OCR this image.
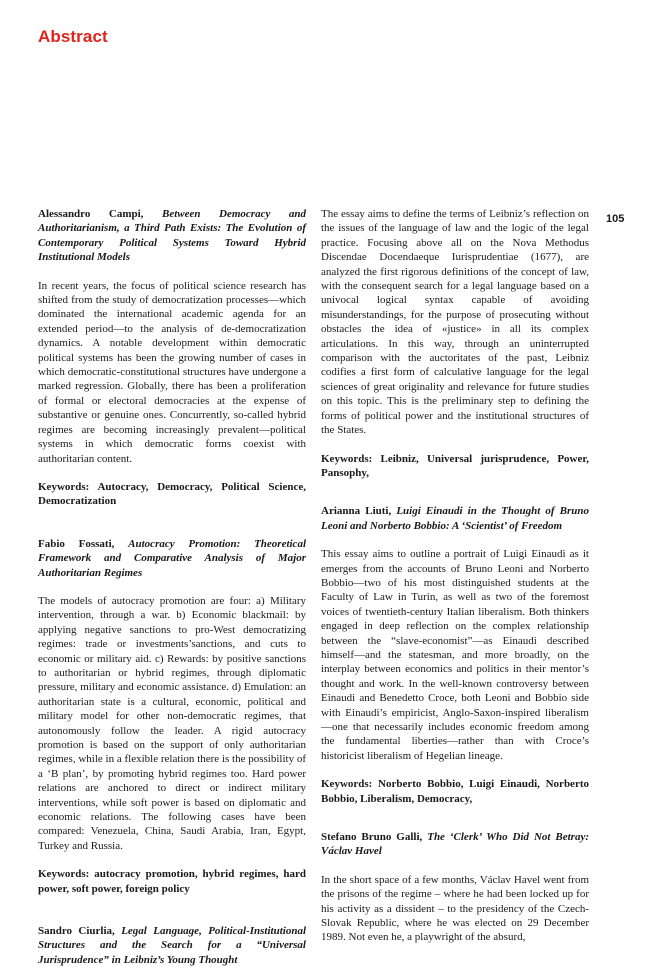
Abstract
105

Alessandro Campi, Between Democracy and Authoritarianism, a Third Path Exists: The Evolution of Contemporary Political Systems Toward Hybrid Institutional Models

In recent years, the focus of political science research has shifted from the study of democratization processes—which dominated the international academic agenda for an extended period—to the analysis of de-democratization dynamics. A notable development within democratic political systems has been the growing number of cases in which democratic-constitutional structures have undergone a marked regression. Globally, there has been a proliferation of formal or electoral democracies at the expense of substantive or genuine ones. Concurrently, so-called hybrid regimes are becoming increasingly prevalent—political systems in which democratic forms coexist with authoritarian content.

Keywords: Autocracy, Democracy, Political Science, Democratization

Fabio Fossati, Autocracy Promotion: Theoretical Framework and Comparative Analysis of Major Authoritarian Regimes

The models of autocracy promotion are four: a) Military intervention, through a war. b) Economic blackmail: by applying negative sanctions to pro-West democratizing regimes: trade or investments’sanctions, and cuts to economic or military aid. c) Rewards: by positive sanctions to authoritarian or hybrid regimes, through diplomatic pressure, military and economic assistance. d) Emulation: an authoritarian state is a cultural, economic, political and military model for other non-democratic regimes, that autonomously follow the leader. A rigid autocracy promotion is based on the support of only authoritarian regimes, while in a flexible relation there is the possibility of a ‘B plan’, by promoting hybrid regimes too. Hard power relations are anchored to direct or indirect military interventions, while soft power is based on diplomatic and economic relations. The following cases have been compared: Venezuela, China, Saudi Arabia, Iran, Egypt, Turkey and Russia.

Keywords: autocracy promotion, hybrid regimes, hard power, soft power, foreign policy

Sandro Ciurlia, Legal Language, Political-Institutional Structures and the Search for a “Universal Jurisprudence” in Leibniz’s Young Thought

The essay aims to define the terms of Leibniz’s reflection on the issues of the language of law and the logic of the legal practice. Focusing above all on the Nova Methodus Discendae Docendaeque Iurisprudentiae (1677), are analyzed the first rigorous definitions of the concept of law, with the consequent search for a legal language based on a univocal logical syntax capable of avoiding misunderstandings, for the purpose of prosecuting without obstacles the idea of «justice» in all its complex articulations. In this way, through an uninterrupted comparison with the auctoritates of the past, Leibniz codifies a first form of calculative language for the legal sciences of great originality and relevance for future studies on this topic. This is the preliminary step to defining the forms of political power and the institutional structures of the States.

Keywords: Leibniz, Universal jurisprudence, Power, Pansophy,

Arianna Liuti, Luigi Einaudi in the Thought of Bruno Leoni and Norberto Bobbio: A ‘Scientist’ of Freedom

This essay aims to outline a portrait of Luigi Einaudi as it emerges from the accounts of Bruno Leoni and Norberto Bobbio—two of his most distinguished students at the Faculty of Law in Turin, as well as two of the foremost voices of twentieth-century Italian liberalism. Both thinkers engaged in deep reflection on the complex relationship between the “slave-economist”—as Einaudi described himself—and the statesman, and more broadly, on the interplay between economics and politics in their mentor’s thought and work. In the well-known controversy between Einaudi and Benedetto Croce, both Leoni and Bobbio side with Einaudi’s empiricist, Anglo-Saxon-inspired liberalism—one that necessarily includes economic freedom among the fundamental liberties—rather than with Croce’s historicist liberalism of Hegelian lineage.

Keywords: Norberto Bobbio, Luigi Einaudi, Norberto Bobbio, Liberalism, Democracy,

Stefano Bruno Galli, The ‘Clerk’ Who Did Not Betray: Václav Havel

In the short space of a few months, Václav Havel went from the prisons of the regime – where he had been locked up for his activity as a dissident – to the presidency of the Czech-Slovak Republic, where he was elected on 29 December 1989. Not even he, a playwright of the absurd,
